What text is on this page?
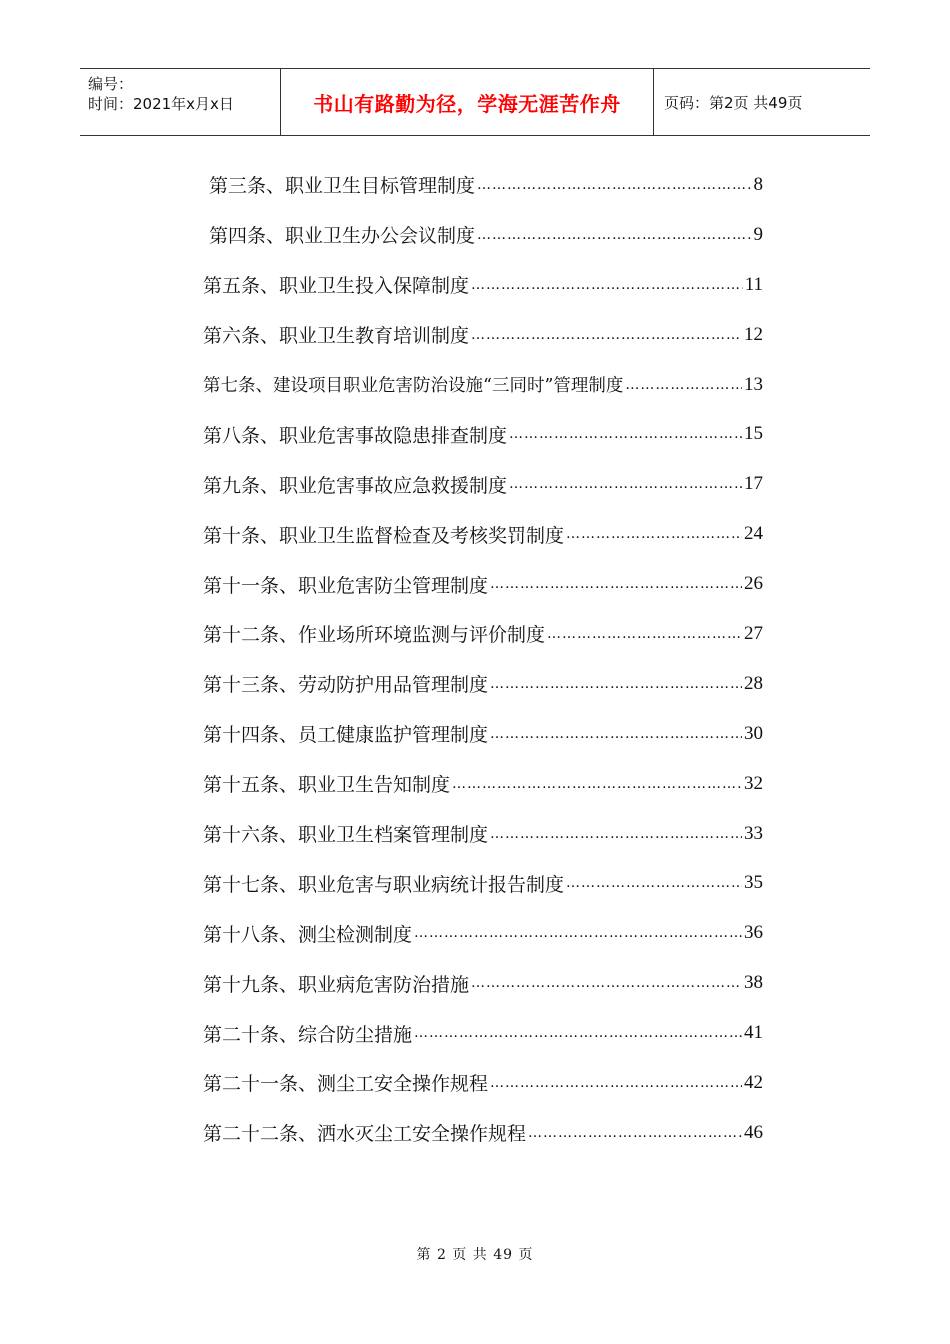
编号：
时间：2021年x月x日	书山有路勤为径，学海无涯苦作舟	页码：第2页 共49页
第三条、职业卫生目标管理制度 …………………………………………………………………………………………	8
第四条、职业卫生办公会议制度 …………………………………………………………………………………………	9
第五条、职业卫生投入保障制度 …………………………………………………………………………………………	11
第六条、职业卫生教育培训制度 …………………………………………………………………………………………	12
第七条、建设项目职业危害防治设施“三同时”管理制度 …………………………………………………………………………………………	13
第八条、职业危害事故隐患排查制度 …………………………………………………………………………………………	15
第九条、职业危害事故应急救援制度 …………………………………………………………………………………………	17
第十条、职业卫生监督检查及考核奖罚制度 …………………………………………………………………………………………	24
第十一条、职业危害防尘管理制度 …………………………………………………………………………………………	26
第十二条、作业场所环境监测与评价制度 …………………………………………………………………………………………	27
第十三条、劳动防护用品管理制度 …………………………………………………………………………………………	28
第十四条、员工健康监护管理制度 …………………………………………………………………………………………	30
第十五条、职业卫生告知制度 …………………………………………………………………………………………	32
第十六条、职业卫生档案管理制度 …………………………………………………………………………………………	33
第十七条、职业危害与职业病统计报告制度 …………………………………………………………………………………………	35
第十八条、测尘检测制度 …………………………………………………………………………………………	36
第十九条、职业病危害防治措施 …………………………………………………………………………………………	38
第二十条、综合防尘措施 …………………………………………………………………………………………	41
第二十一条、测尘工安全操作规程 …………………………………………………………………………………………	42
第二十二条、洒水灭尘工安全操作规程 …………………………………………………………………………………………	46
第 2 页 共 49 页
